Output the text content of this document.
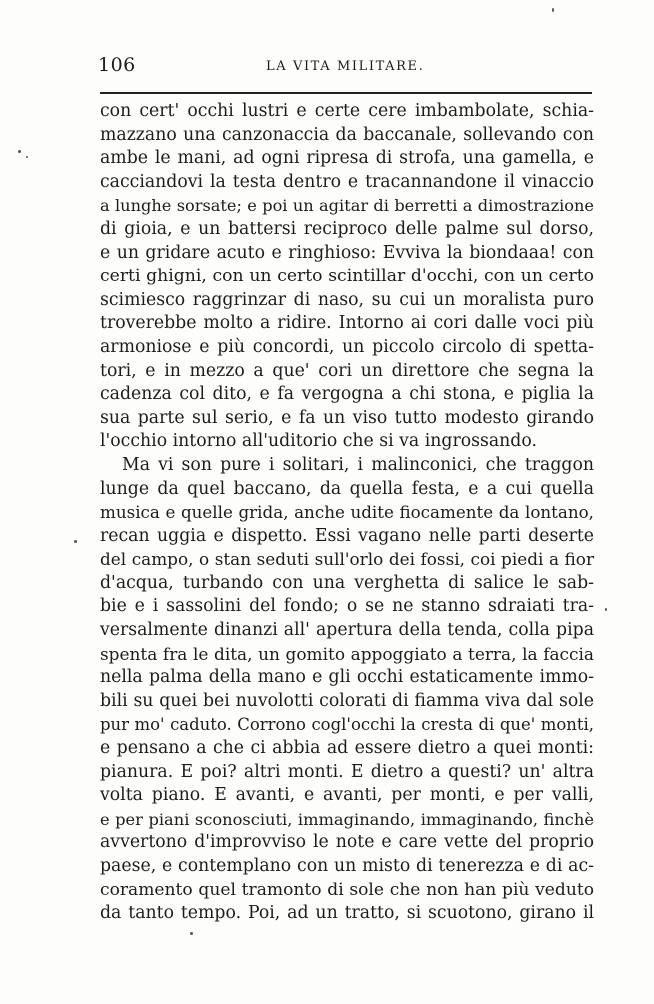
106	LA VITA MILITARE.
con cert' occhi lustri e certe cere imbambolate, schia-
mazzano una canzonaccia da baccanale, sollevando con
ambe le mani, ad ogni ripresa di strofa, una gamella, e
cacciandovi la testa dentro e tracannandone il vinaccio
a lunghe sorsate; e poi un agitar di berretti a dimostrazione
di gioia, e un battersi reciproco delle palme sul dorso,
e un gridare acuto e ringhioso: Evviva la biondaaa! con
certi ghigni, con un certo scintillar d'occhi, con un certo
scimiesco raggrinzar di naso, su cui un moralista puro
troverebbe molto a ridire. Intorno ai cori dalle voci più
armoniose e più concordi, un piccolo circolo di spetta-
tori, e in mezzo a que' cori un direttore che segna la
cadenza col dito, e fa vergogna a chi stona, e piglia la
sua parte sul serio, e fa un viso tutto modesto girando
l'occhio intorno all'uditorio che si va ingrossando.
Ma vi son pure i solitari, i malinconici, che traggon
lunge da quel baccano, da quella festa, e a cui quella
musica e quelle grida, anche udite fiocamente da lontano,
recan uggia e dispetto. Essi vagano nelle parti deserte
del campo, o stan seduti sull'orlo dei fossi, coi piedi a fior
d'acqua, turbando con una verghetta di salice le sab-
bie e i sassolini del fondo; o se ne stanno sdraiati tra-
versalmente dinanzi all' apertura della tenda, colla pipa
spenta fra le dita, un gomito appoggiato a terra, la faccia
nella palma della mano e gli occhi estaticamente immo-
bili su quei bei nuvolotti colorati di fiamma viva dal sole
pur mo' caduto. Corrono cogl'occhi la cresta di que' monti,
e pensano a che ci abbia ad essere dietro a quei monti:
pianura. E poi? altri monti. E dietro a questi? un' altra
volta piano. E avanti, e avanti, per monti, e per valli,
e per piani sconosciuti, immaginando, immaginando, finchè
avvertono d'improvviso le note e care vette del proprio
paese, e contemplano con un misto di tenerezza e di ac-
coramento quel tramonto di sole che non han più veduto
da tanto tempo. Poi, ad un tratto, si scuotono, girano il
